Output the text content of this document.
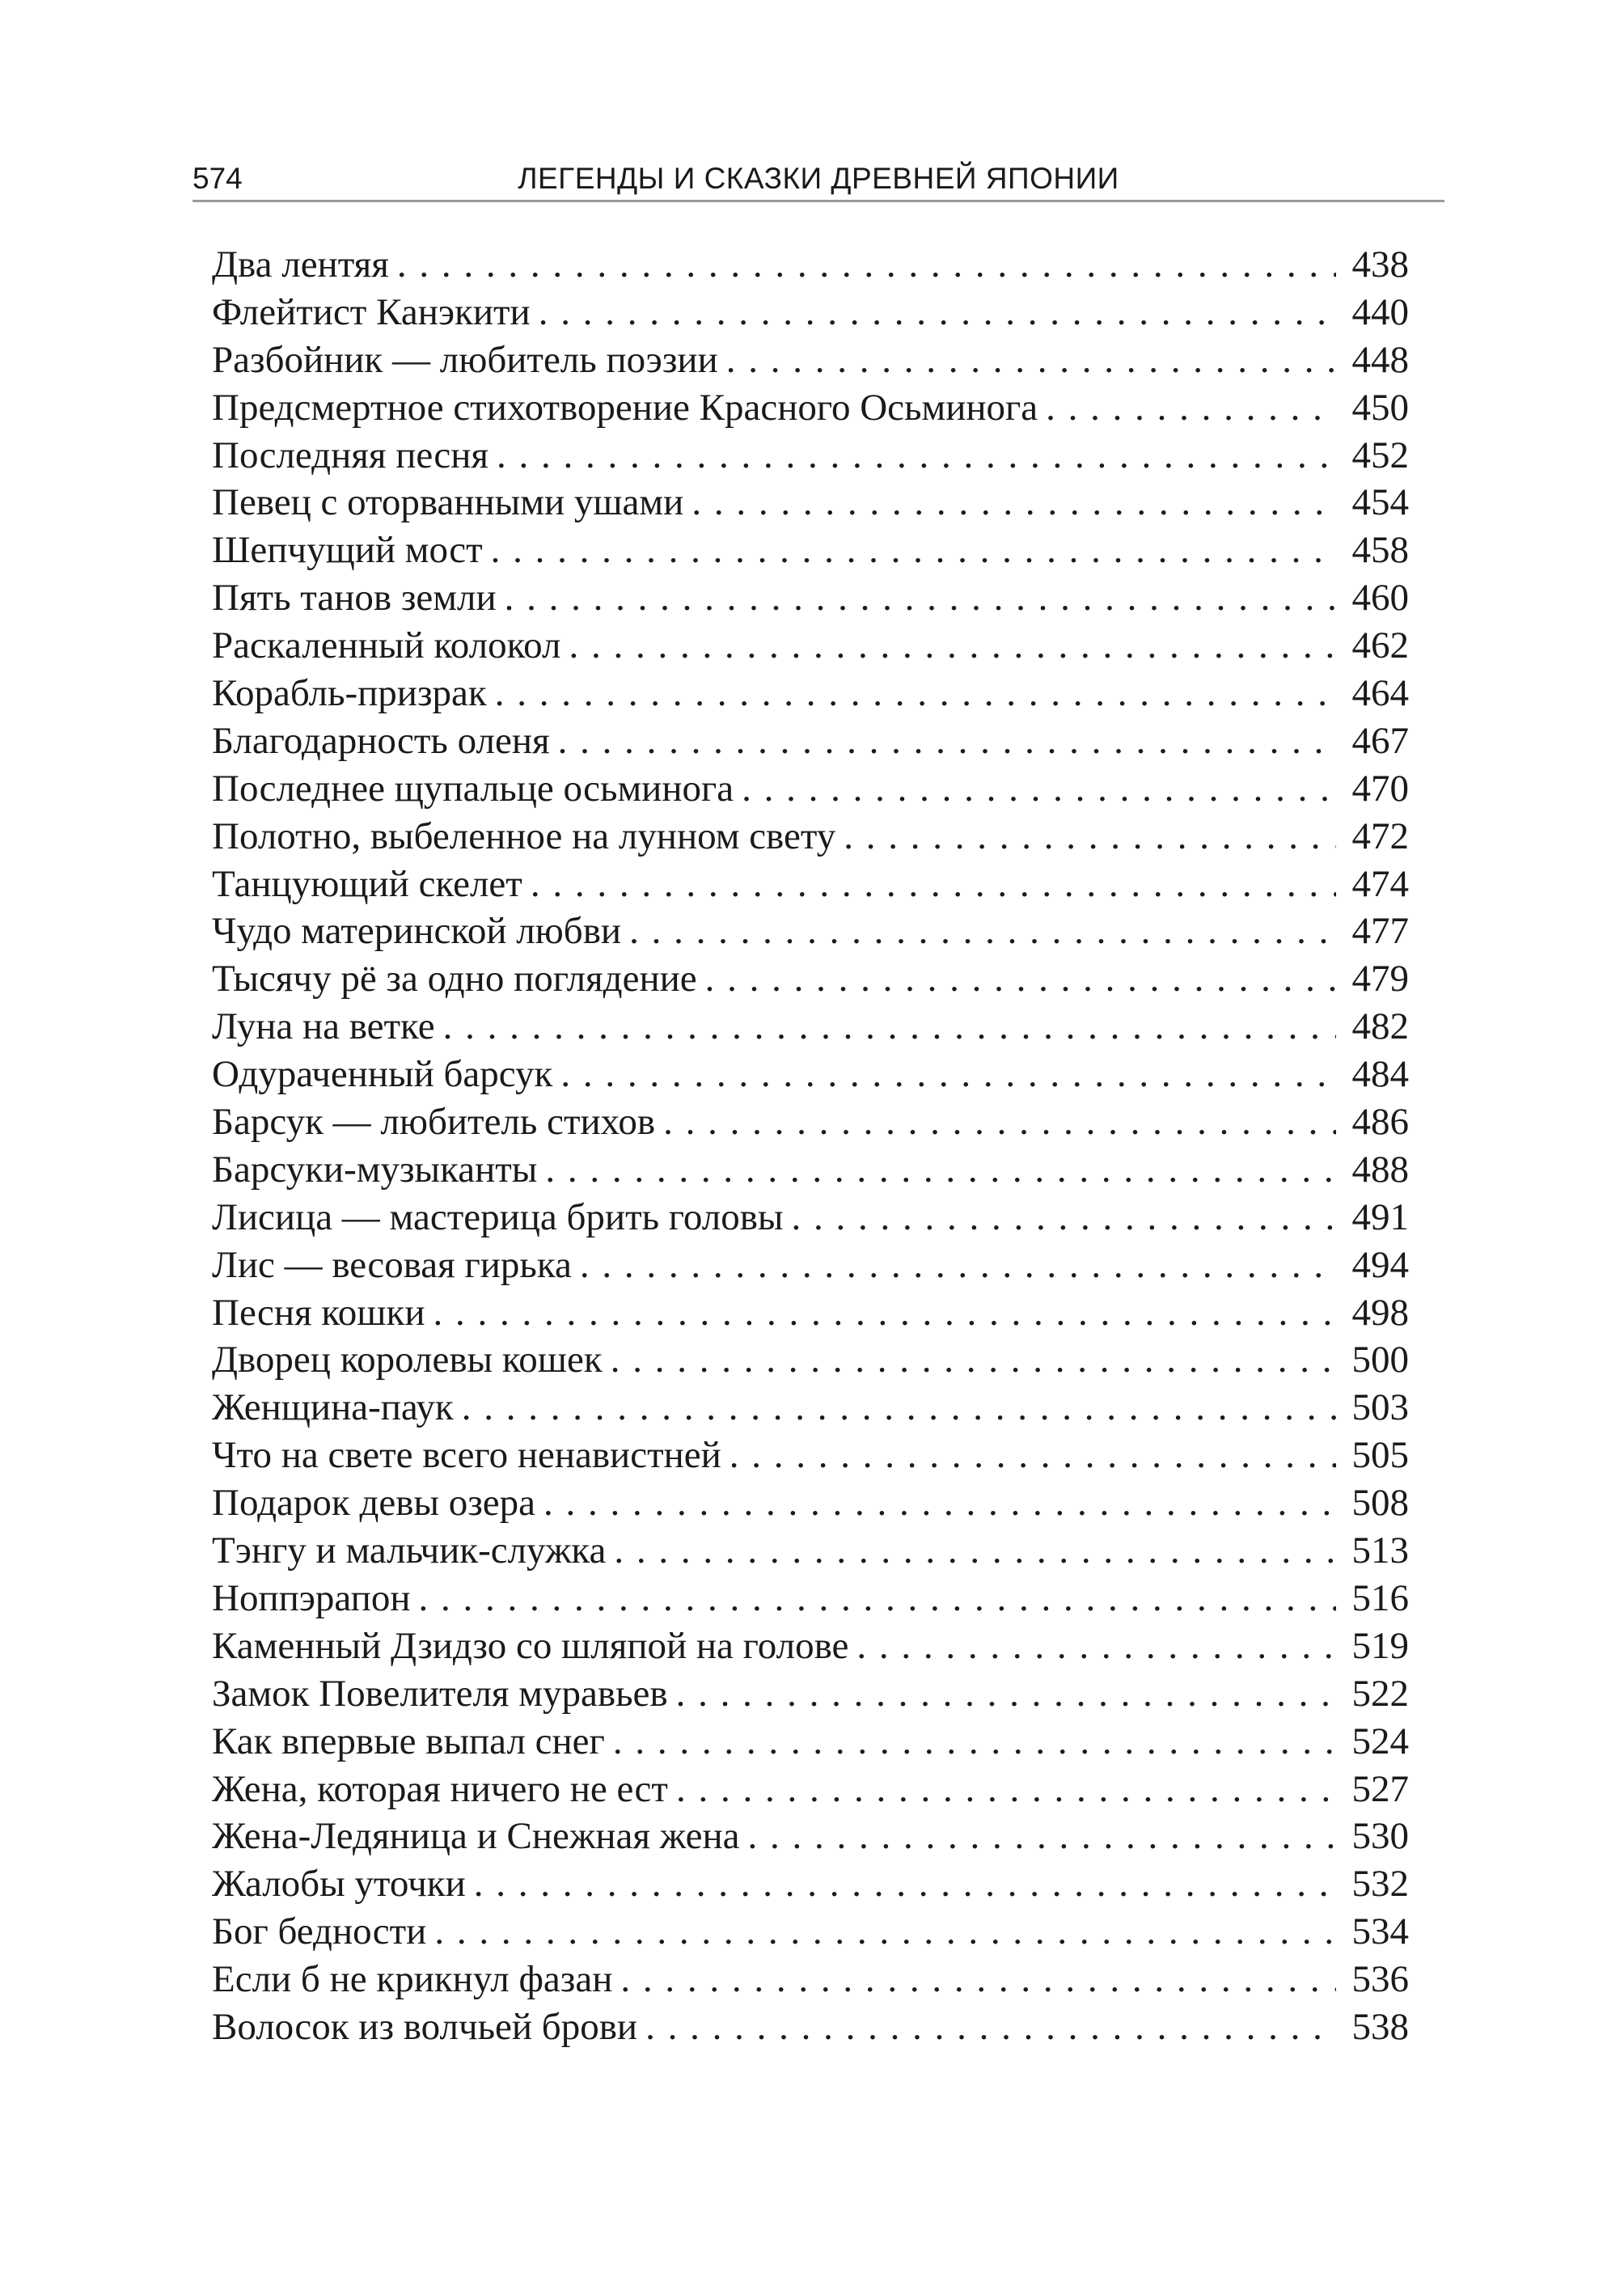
574	ЛЕГЕНДЫ И СКАЗКИ ДРЕВНЕЙ ЯПОНИИ
Два лентяя . . .	438
Флейтист Канэкити . . .	440
Разбойник — любитель поэзии . . .	448
Предсмертное стихотворение Красного Осьминога . . .	450
Последняя песня . . .	452
Певец с оторванными ушами . . .	454
Шепчущий мост . . .	458
Пять танов земли . . .	460
Раскаленный колокол . . .	462
Корабль-призрак . . .	464
Благодарность оленя . . .	467
Последнее щупальце осьминога . . .	470
Полотно, выбеленное на лунном свету . . .	472
Танцующий скелет . . .	474
Чудо материнской любви . . .	477
Тысячу рё за одно поглядение . . .	479
Луна на ветке . . .	482
Одураченный барсук . . .	484
Барсук — любитель стихов . . .	486
Барсуки-музыканты . . .	488
Лисица — мастерица брить головы . . .	491
Лис — весовая гирька . . .	494
Песня кошки . . .	498
Дворец королевы кошек . . .	500
Женщина-паук . . .	503
Что на свете всего ненавистней . . .	505
Подарок девы озера . . .	508
Тэнгу и мальчик-служка . . .	513
Ноппэрапон . . .	516
Каменный Дзидзо со шляпой на голове . . .	519
Замок Повелителя муравьев . . .	522
Как впервые выпал снег . . .	524
Жена, которая ничего не ест . . .	527
Жена-Ледяница и Снежная жена . . .	530
Жалобы уточки . . .	532
Бог бедности . . .	534
Если б не крикнул фазан . . .	536
Волосок из волчьей брови . . .	538
